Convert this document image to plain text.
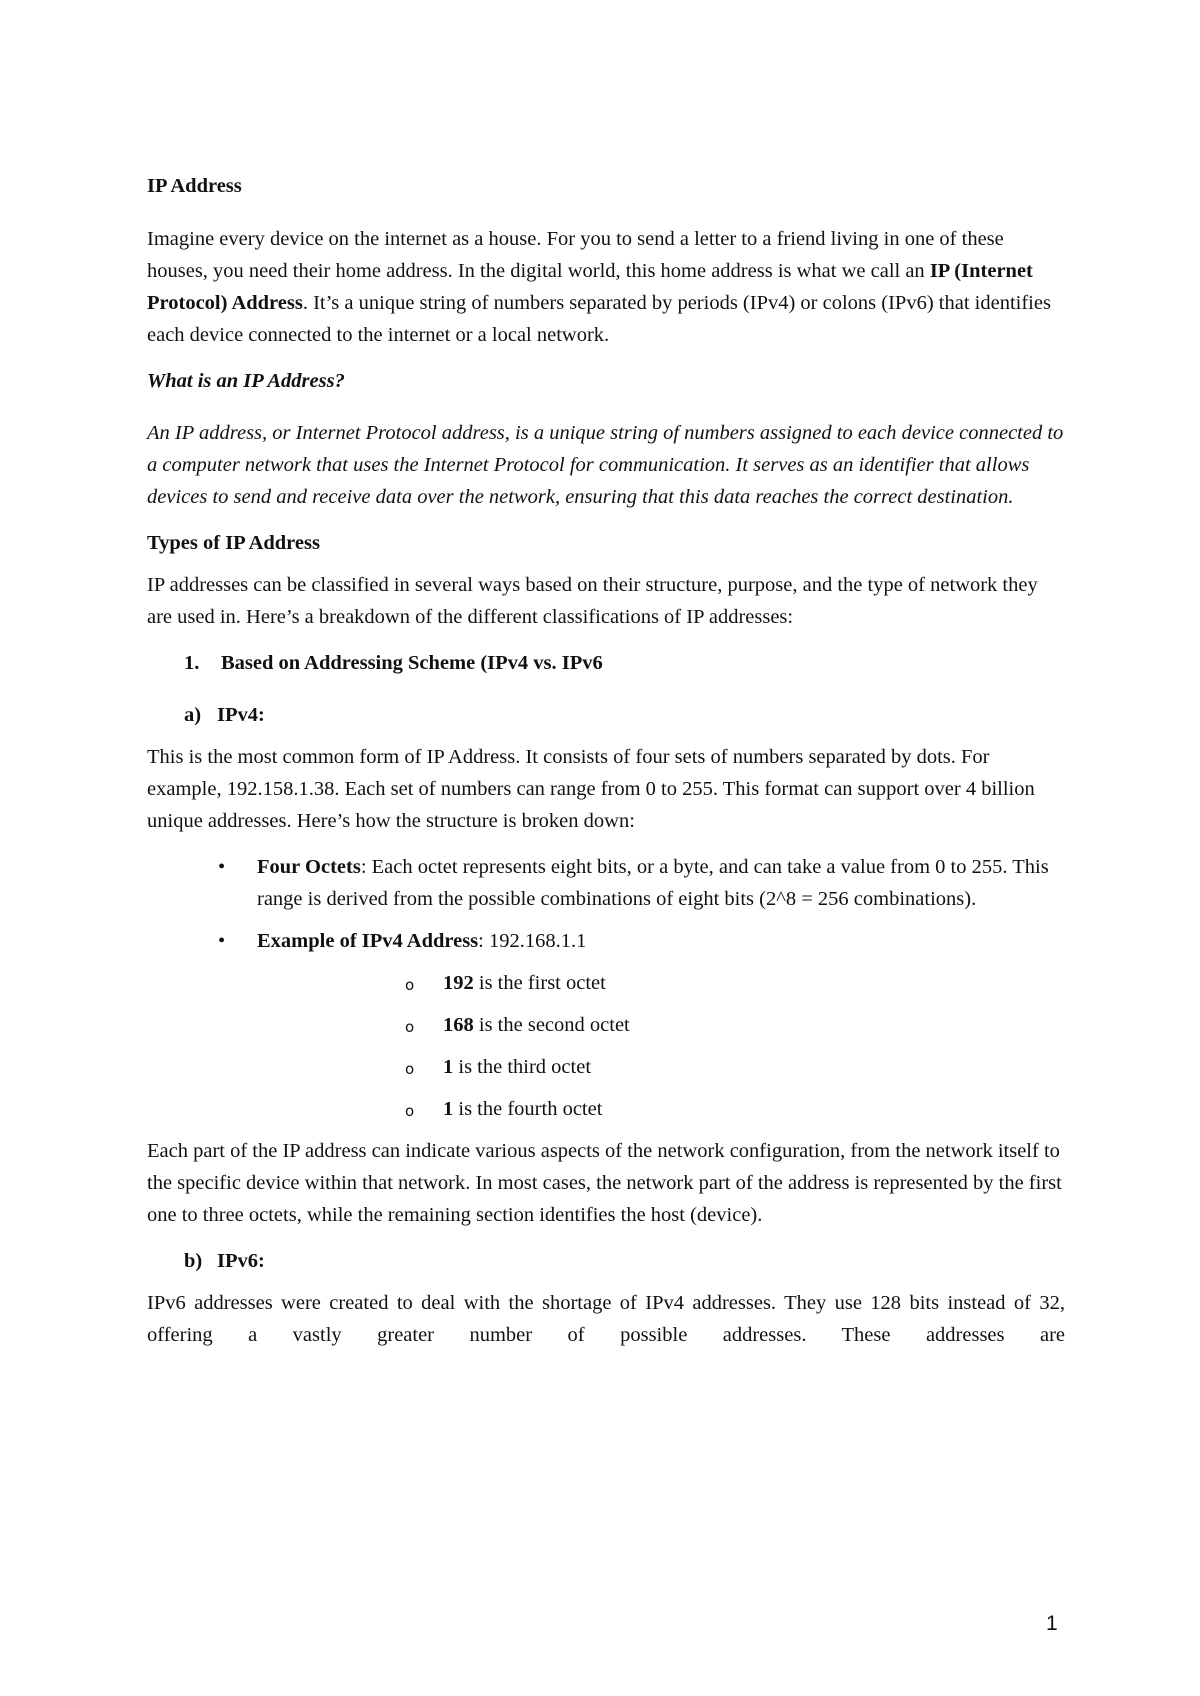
IP Address

Imagine every device on the internet as a house. For you to send a letter to a friend living in one of these houses, you need their home address. In the digital world, this home address is what we call an IP (Internet Protocol) Address. It’s a unique string of numbers separated by periods (IPv4) or colons (IPv6) that identifies each device connected to the internet or a local network.

What is an IP Address?

An IP address, or Internet Protocol address, is a unique string of numbers assigned to each device connected to a computer network that uses the Internet Protocol for communication. It serves as an identifier that allows devices to send and receive data over the network, ensuring that this data reaches the correct destination.

Types of IP Address

IP addresses can be classified in several ways based on their structure, purpose, and the type of network they are used in. Here’s a breakdown of the different classifications of IP addresses:

1.	Based on Addressing Scheme (IPv4 vs. IPv6
a) IPv4:

This is the most common form of IP Address. It consists of four sets of numbers separated by dots. For example, 192.158.1.38. Each set of numbers can range from 0 to 255. This format can support over 4 billion unique addresses. Here’s how the structure is broken down:

• Four Octets: Each octet represents eight bits, or a byte, and can take a value from 0 to 255. This range is derived from the possible combinations of eight bits (2^8 = 256 combinations).
• Example of IPv4 Address: 192.168.1.1
o 192 is the first octet
o 168 is the second octet
o 1 is the third octet
o 1 is the fourth octet

Each part of the IP address can indicate various aspects of the network configuration, from the network itself to the specific device within that network. In most cases, the network part of the address is represented by the first one to three octets, while the remaining section identifies the host (device).

b) IPv6:

IPv6 addresses were created to deal with the shortage of IPv4 addresses. They use 128 bits instead of 32, offering a vastly greater number of possible addresses. These addresses are

1
